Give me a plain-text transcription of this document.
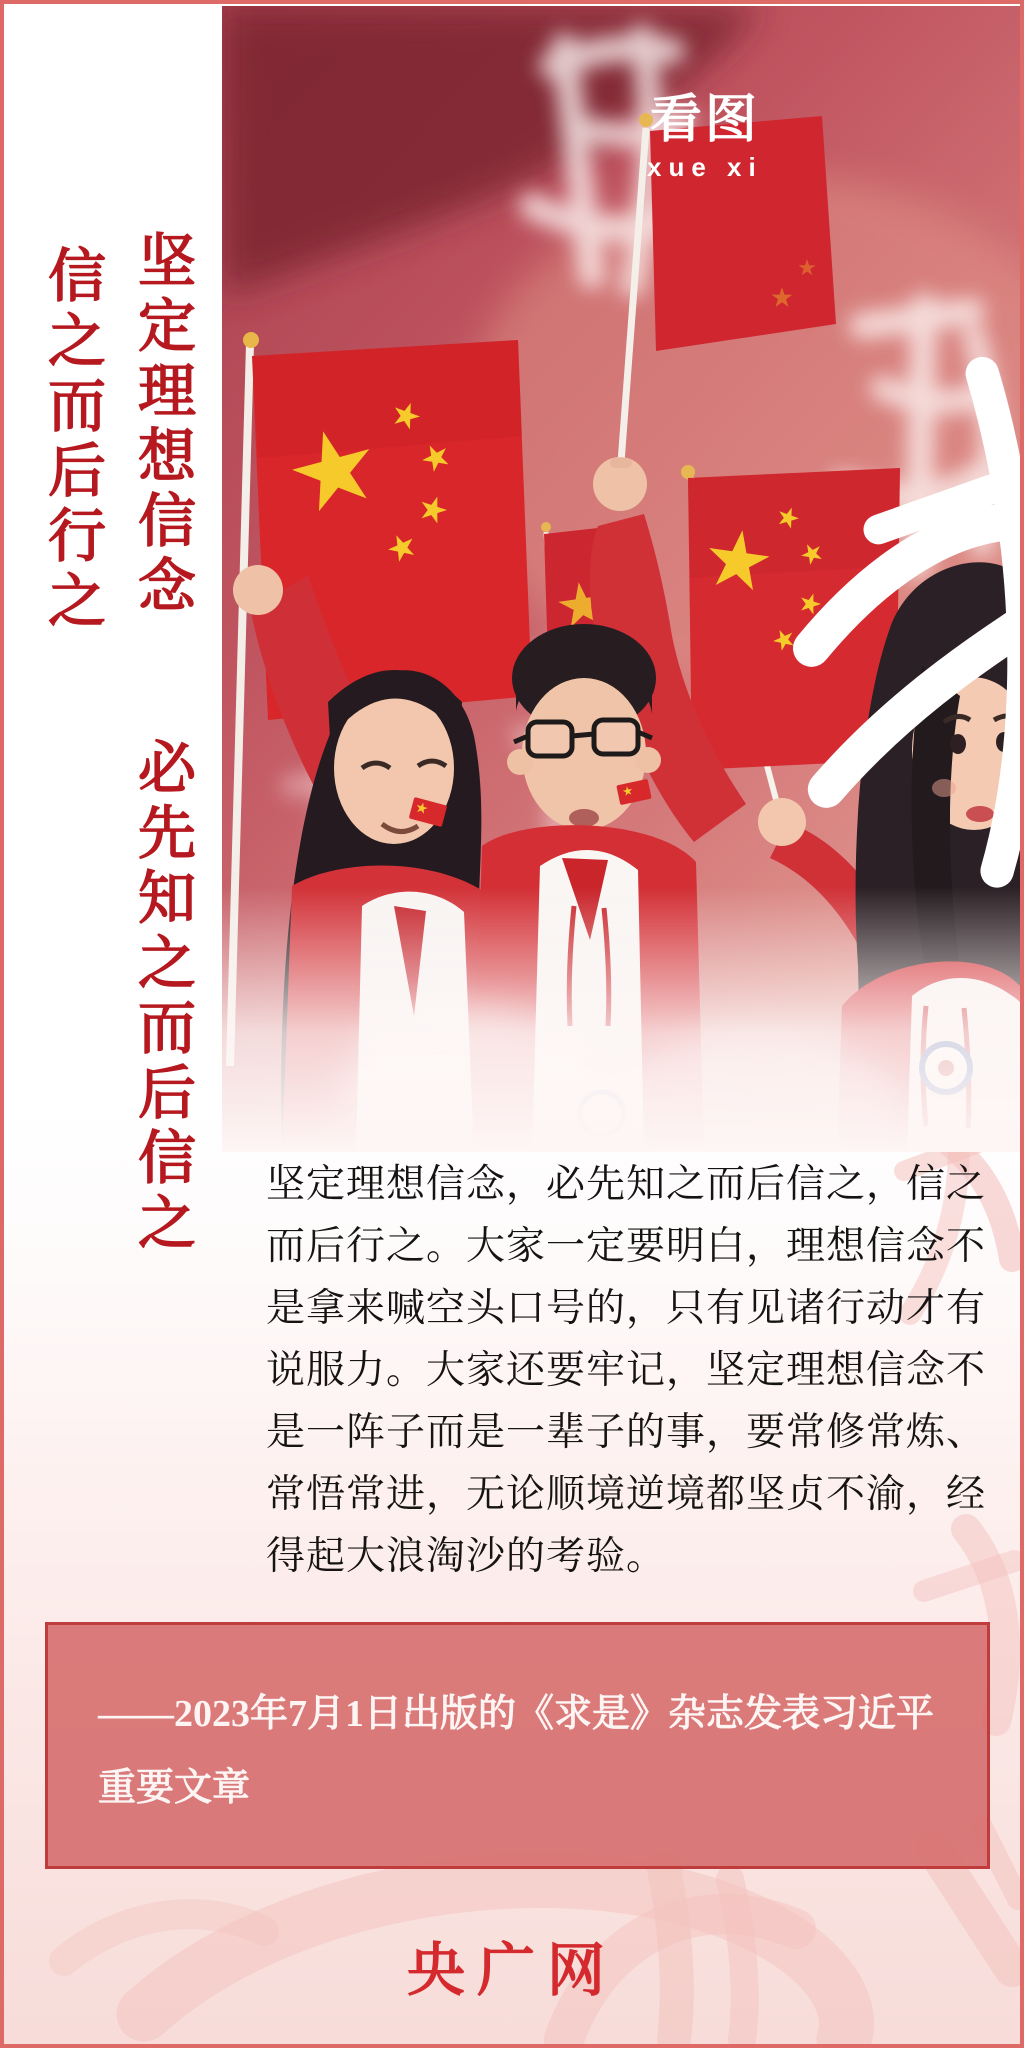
坚定理想信念
必先知之而后信之
信之而后行之
看图
xue xi
坚定理想信念，必先知之而后信之，信之
而后行之。大家一定要明白，理想信念不
是拿来喊空头口号的，只有见诸行动才有
说服力。大家还要牢记，坚定理想信念不
是一阵子而是一辈子的事，要常修常炼、
常悟常进，无论顺境逆境都坚贞不渝，经
得起大浪淘沙的考验。
——2023年7月1日出版的《求是》杂志发表习近平
重要文章
央广网
